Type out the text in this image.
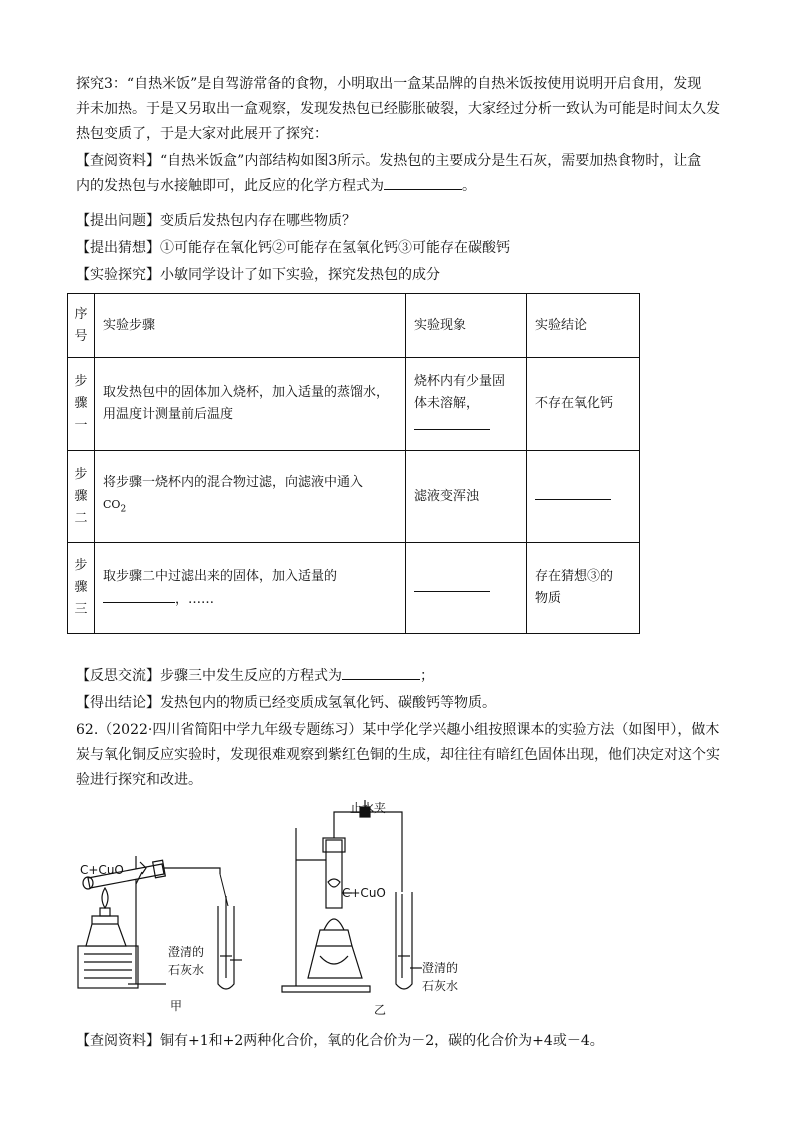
探究3：“自热米饭”是自驾游常备的食物，小明取出一盒某品牌的自热米饭按使用说明开启食用，发现
并未加热。于是又另取出一盒观察，发现发热包已经膨胀破裂，大家经过分析一致认为可能是时间太久发
热包变质了，于是大家对此展开了探究：
【查阅资料】“自热米饭盒”内部结构如图3所示。发热包的主要成分是生石灰，需要加热食物时，让盒
内的发热包与水接触即可，此反应的化学方程式为	。
【提出问题】变质后发热包内存在哪些物质？
【提出猜想】①可能存在氧化钙②可能存在氢氧化钙③可能存在碳酸钙
【实验探究】小敏同学设计了如下实验，探究发热包的成分
序
号	实验步骤	实验现象	实验结论
步
骤
一	取发热包中的固体加入烧杯，加入适量的蒸馏水，
用温度计测量前后温度	烧杯内有少量固
体未溶解，	不存在氧化钙
步
骤
二	将步骤一烧杯内的混合物过滤，向滤液中通入
$CO_2$	滤液变浑浊	
步
骤
三	取步骤二中过滤出来的固体，加入适量的
，……		存在猜想③的
物质
【反思交流】步骤三中发生反应的方程式为	；
【得出结论】发热包内的物质已经变质成氢氧化钙、碳酸钙等物质。
62.（2022·四川省简阳中学九年级专题练习）某中学化学兴趣小组按照课本的实验方法（如图甲），做木
炭与氧化铜反应实验时，发现很难观察到紫红色铜的生成，却往往有暗红色固体出现，他们决定对这个实
验进行探究和改进。
C+CuO
澄清的
石灰水
甲
止水夹
C+CuO
澄清的
石灰水
乙
【查阅资料】铜有+1和+2两种化合价，氧的化合价为－2，碳的化合价为+4或－4。
